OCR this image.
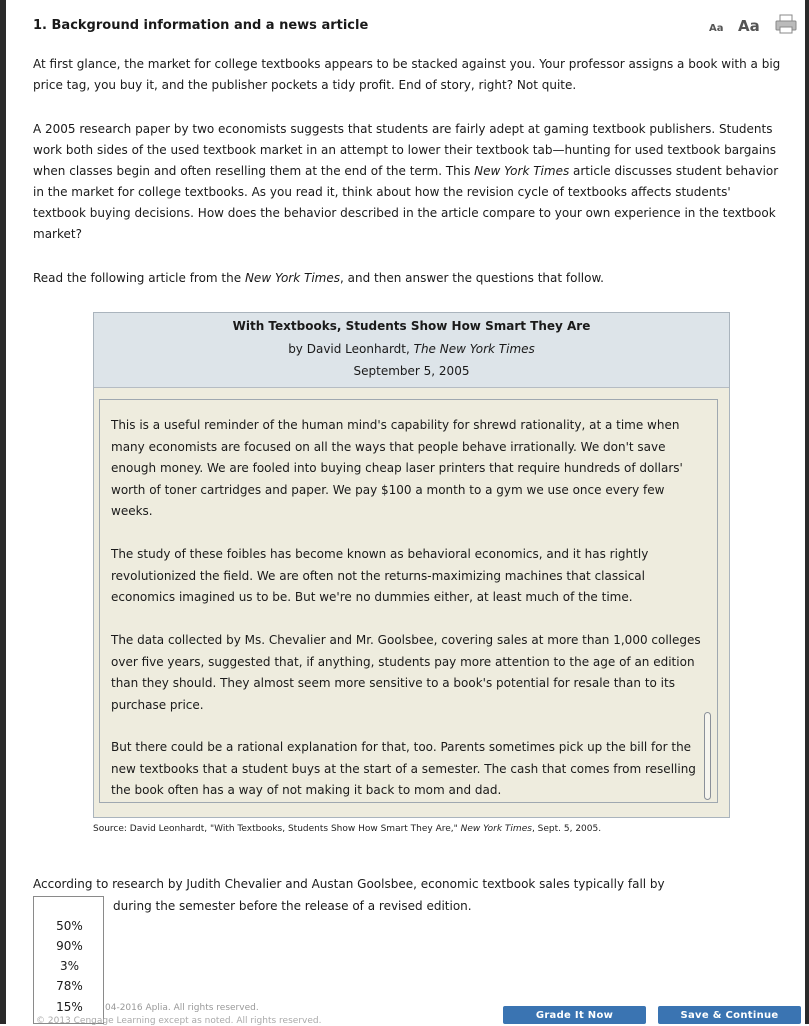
1. Background information and a news article	Aa Aa

At first glance, the market for college textbooks appears to be stacked against you. Your professor assigns a book with a big price tag, you buy it, and the publisher pockets a tidy profit. End of story, right? Not quite.

A 2005 research paper by two economists suggests that students are fairly adept at gaming textbook publishers. Students work both sides of the used textbook market in an attempt to lower their textbook tab—hunting for used textbook bargains when classes begin and often reselling them at the end of the term. This New York Times article discusses student behavior in the market for college textbooks. As you read it, think about how the revision cycle of textbooks affects students' textbook buying decisions. How does the behavior described in the article compare to your own experience in the textbook market?

Read the following article from the New York Times, and then answer the questions that follow.

With Textbooks, Students Show How Smart They Are
by David Leonhardt, The New York Times
September 5, 2005

This is a useful reminder of the human mind's capability for shrewd rationality, at a time when many economists are focused on all the ways that people behave irrationally. We don't save enough money. We are fooled into buying cheap laser printers that require hundreds of dollars' worth of toner cartridges and paper. We pay $100 a month to a gym we use once every few weeks.

The study of these foibles has become known as behavioral economics, and it has rightly revolutionized the field. We are often not the returns-maximizing machines that classical economics imagined us to be. But we're no dummies either, at least much of the time.

The data collected by Ms. Chevalier and Mr. Goolsbee, covering sales at more than 1,000 colleges over five years, suggested that, if anything, students pay more attention to the age of an edition than they should. They almost seem more sensitive to a book's potential for resale than to its purchase price.

But there could be a rational explanation for that, too. Parents sometimes pick up the bill for the new textbooks that a student buys at the start of a semester. The cash that comes from reselling the book often has a way of not making it back to mom and dad.

Source: David Leonhardt, "With Textbooks, Students Show How Smart They Are," New York Times, Sept. 5, 2005.
According to research by Judith Chevalier and Austan Goolsbee, economic textbook sales typically fall by
during the semester before the release of a revised edition.
50%
90%
3%
78%
15%	04-2016 Aplia. All rights reserved.
© 2013 Cengage Learning except as noted. All rights reserved.	Grade It Now	Save & Continue
